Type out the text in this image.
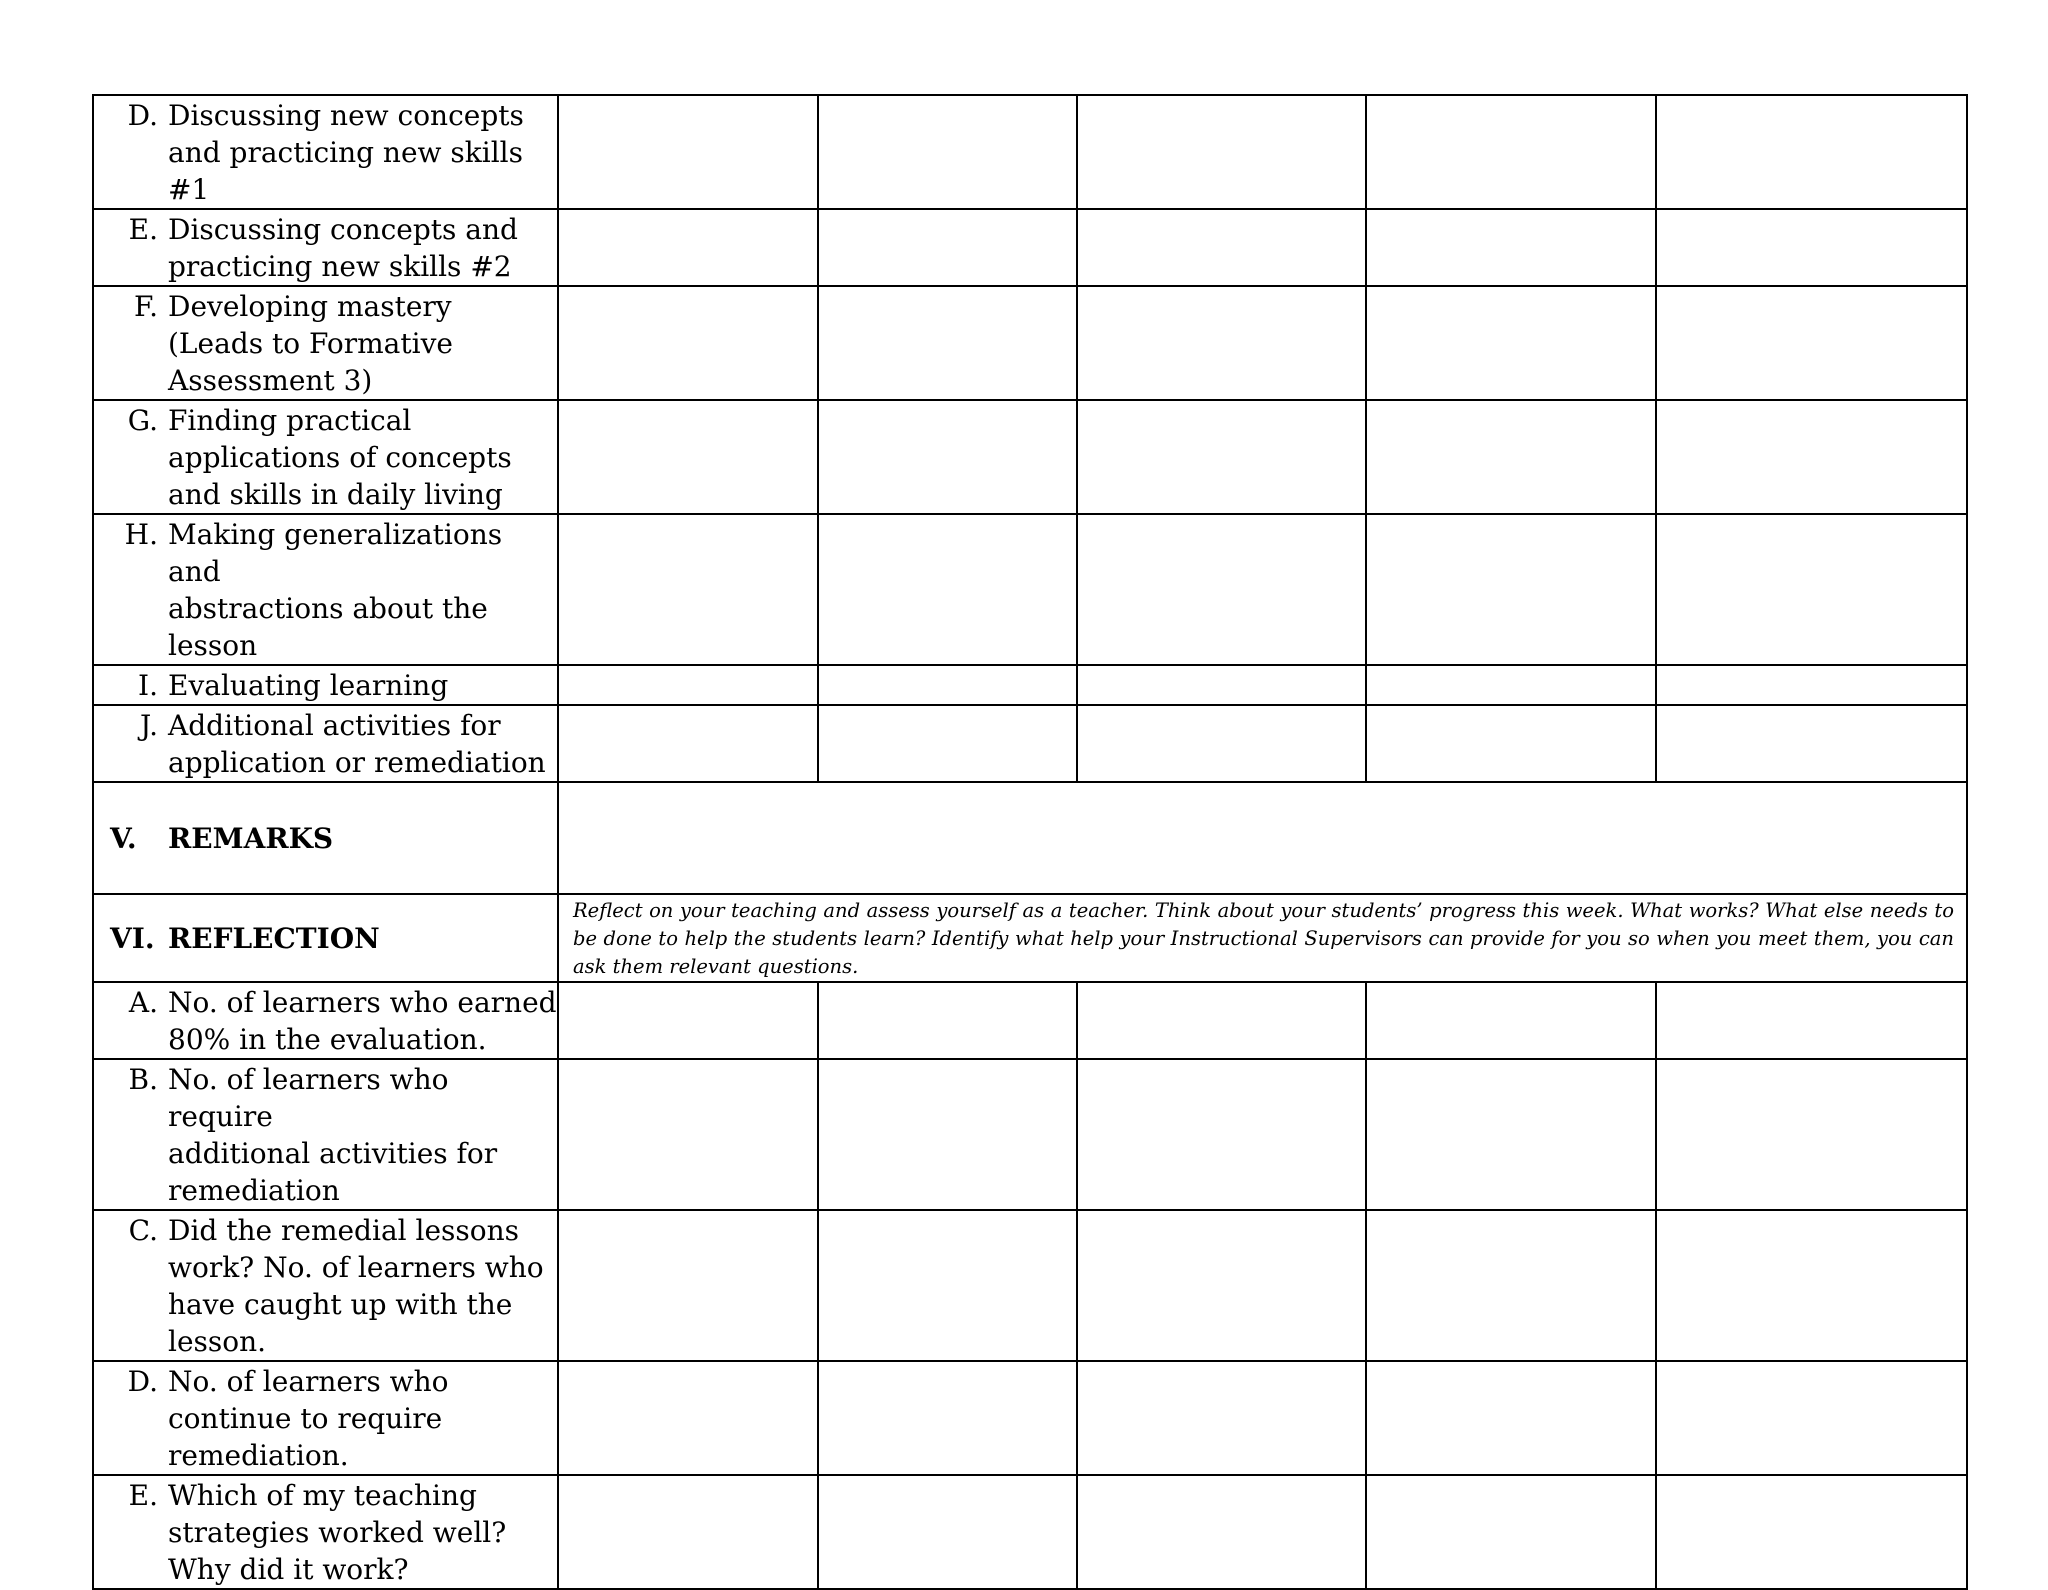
D. Discussing new concepts
and practicing new skills #1					

E. Discussing concepts and
practicing new skills #2					

F. Developing mastery
(Leads to Formative
Assessment 3)					

G. Finding practical
applications of concepts
and skills in daily living					

H. Making generalizations and
abstractions about the
lesson					

I. Evaluating learning					

J. Additional activities for
application or remediation					

V. REMARKS					

VI. REFLECTION	Reflect on your teaching and assess yourself as a teacher. Think about your students’ progress this week. What works? What else needs to be done to help the students learn? Identify what help your Instructional Supervisors can provide for you so when you meet them, you can ask them relevant questions.				

A. No. of learners who earned
80% in the evaluation.					

B. No. of learners who require
additional activities for
remediation					

C. Did the remedial lessons
work? No. of learners who
have caught up with the
lesson.					

D. No. of learners who
continue to require
remediation.					

E. Which of my teaching
strategies worked well?
Why did it work?					
